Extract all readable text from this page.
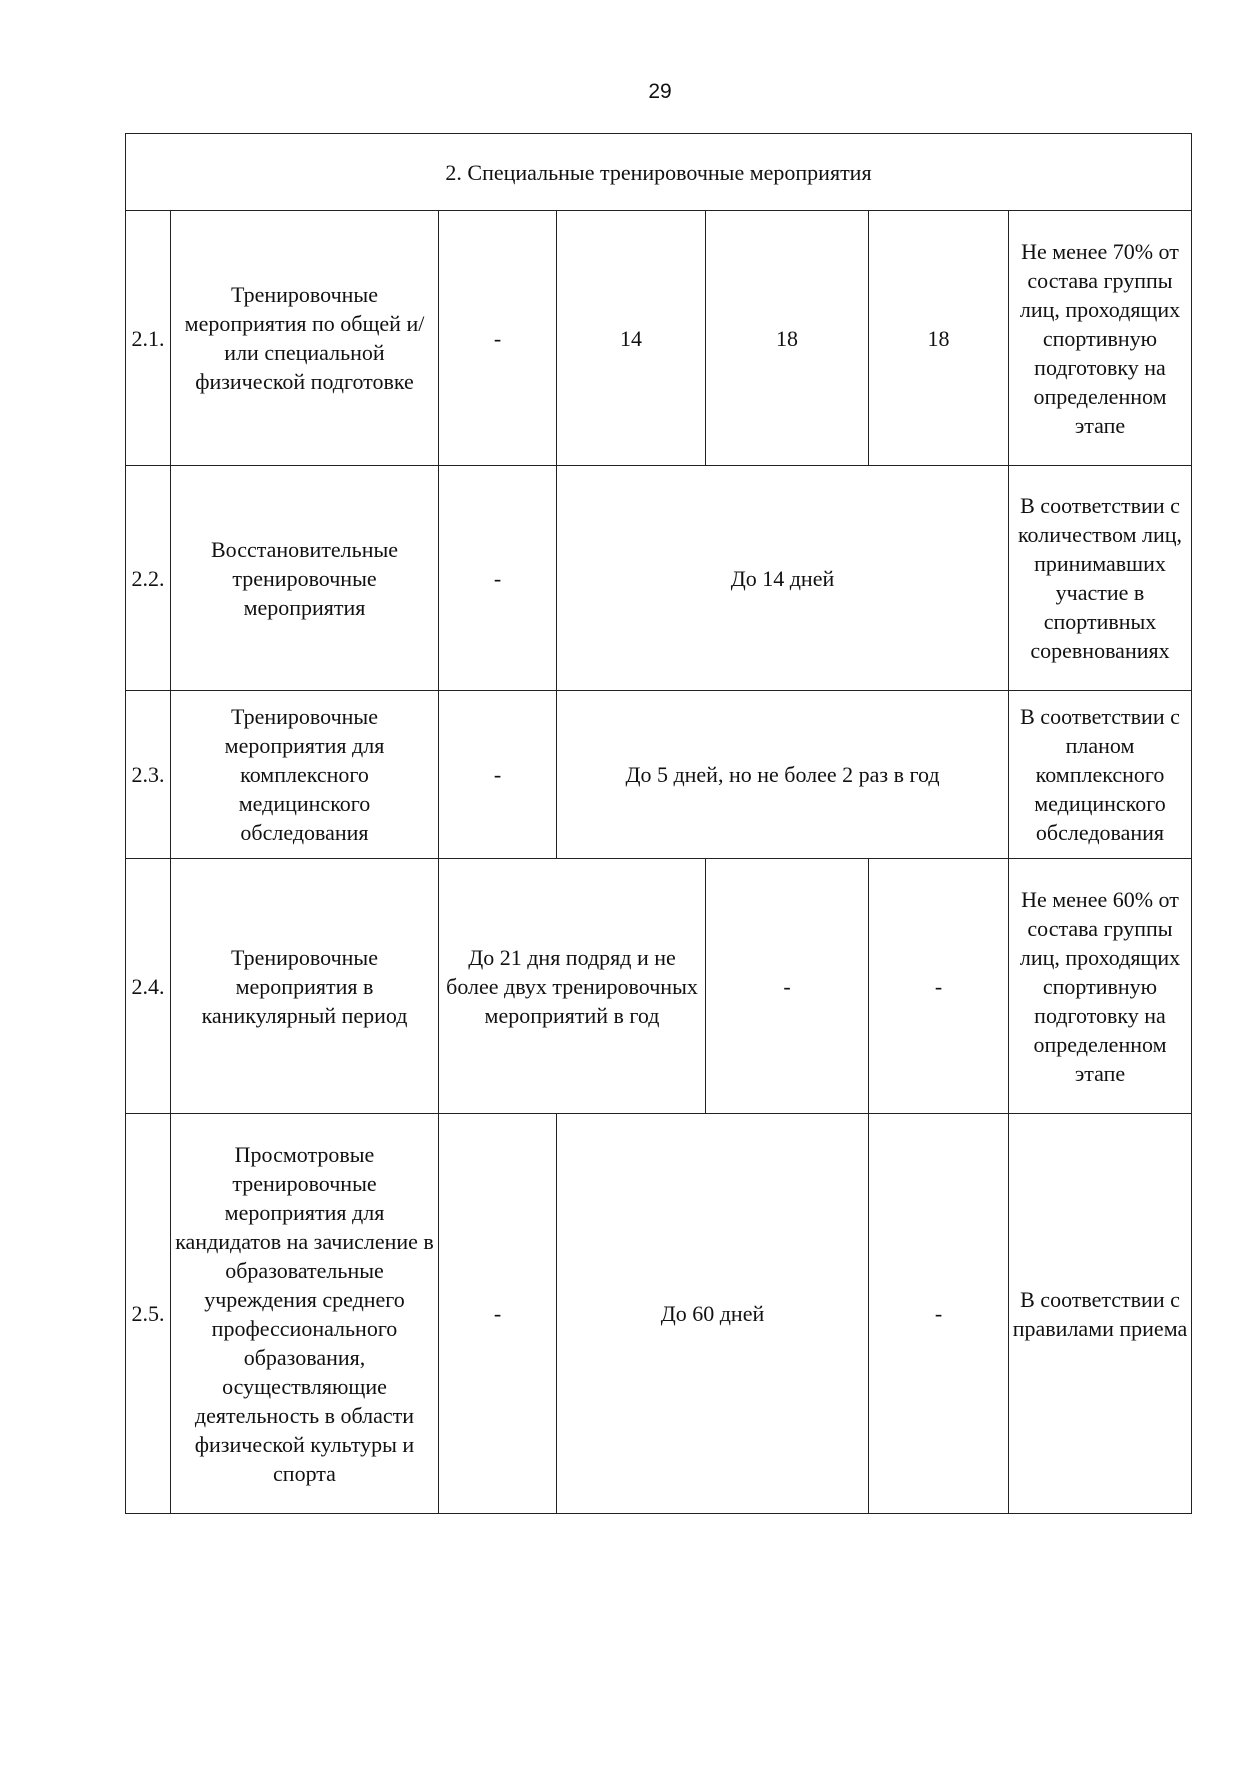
29
2. Специальные тренировочные мероприятия						
2.1.	Тренировочные мероприятия по общей и/или специальной физической подготовке	-	14	18	18	Не менее 70% от состава группы лиц, проходящих спортивную подготовку на определенном этапе
2.2.	Восстановительные тренировочные мероприятия	-	До 14 дней			В соответствии с количеством лиц, принимавших участие в спортивных соревнованиях
2.3.	Тренировочные мероприятия для комплексного медицинского обследования	-	До 5 дней, но не более 2 раз в год			В соответствии с планом комплексного медицинского обследования
2.4.	Тренировочные мероприятия в каникулярный период	До 21 дня подряд и не более двух тренировочных мероприятий в год		-	-	Не менее 60% от состава группы лиц, проходящих спортивную подготовку на определенном этапе
2.5.	Просмотровые тренировочные мероприятия для кандидатов на зачисление в образовательные учреждения среднего профессионального образования, осуществляющие деятельность в области физической культуры и спорта	-	До 60 дней		-	В соответствии с правилами приема
